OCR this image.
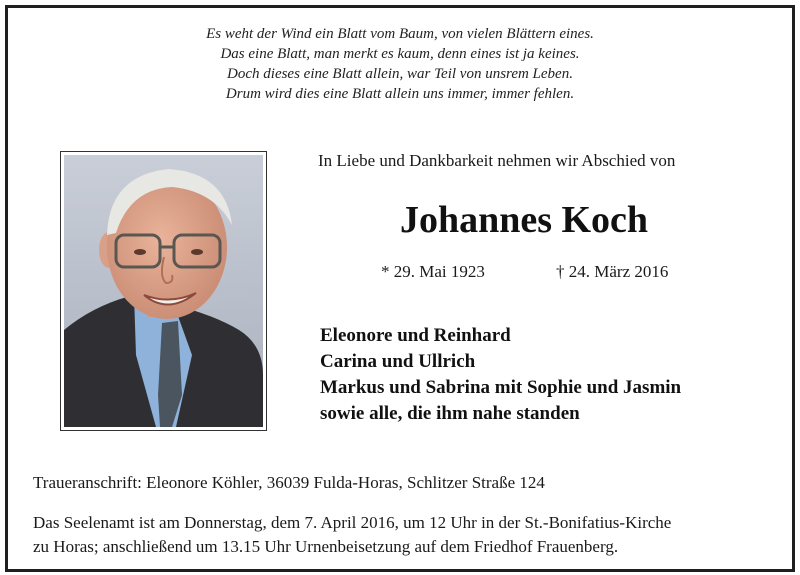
Es weht der Wind ein Blatt vom Baum, von vielen Blättern eines.
Das eine Blatt, man merkt es kaum, denn eines ist ja keines.
Doch dieses eine Blatt allein, war Teil von unsrem Leben.
Drum wird dies eine Blatt allein uns immer, immer fehlen.
In Liebe und Dankbarkeit nehmen wir Abschied von
Johannes Koch
* 29. Mai 1923	† 24. März 2016
Eleonore und Reinhard
Carina und Ullrich
Markus und Sabrina mit Sophie und Jasmin
sowie alle, die ihm nahe standen
Traueranschrift: Eleonore Köhler, 36039 Fulda-Horas, Schlitzer Straße 124
Das Seelenamt ist am Donnerstag, dem 7. April 2016, um 12 Uhr in der St.-Bonifatius-Kirche
zu Horas; anschließend um 13.15 Uhr Urnenbeisetzung auf dem Friedhof Frauenberg.
